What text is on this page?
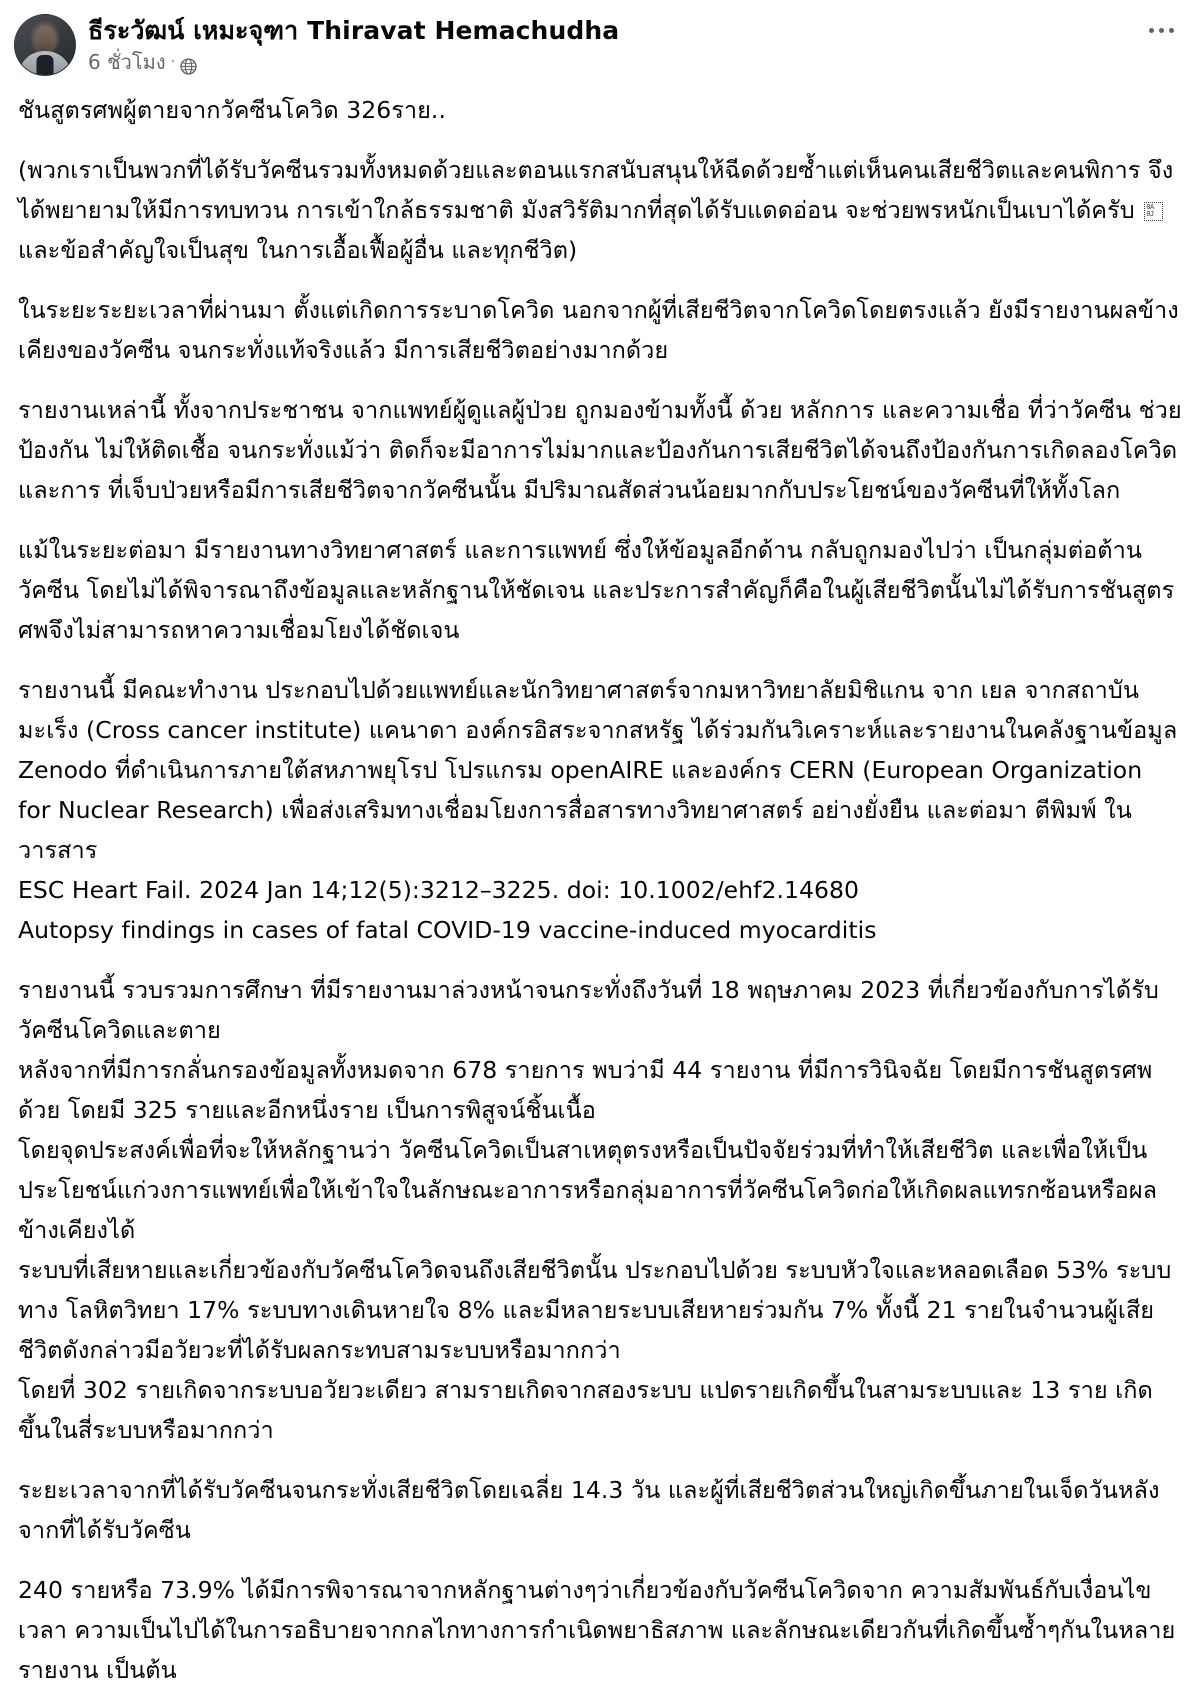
ธีระวัฒน์ เหมะจุฑา Thiravat Hemachudha
6 ชั่วโมง ·

ชันสูตรศพผู้ตายจากวัคซีนโควิด 326ราย..

(พวกเราเป็นพวกที่ได้รับวัคซีนรวมทั้งหมดด้วยและตอนแรกสนับสนุนให้ฉีดด้วยซ้ำแต่เห็นคนเสียชีวิตและคนพิการ จึงได้พยายามให้มีการทบทวน การเข้าใกล้ธรรมชาติ มังสวิรัติมากที่สุดได้รับแดดอ่อน จะช่วยพรหนักเป็นเบาได้ครับ 0A
0J
และข้อสำคัญใจเป็นสุข ในการเอื้อเฟื้อผู้อื่น และทุกชีวิต)

ในระยะระยะเวลาที่ผ่านมา ตั้งแต่เกิดการระบาดโควิด นอกจากผู้ที่เสียชีวิตจากโควิดโดยตรงแล้ว ยังมีรายงานผลข้างเคียงของวัคซีน จนกระทั่งแท้จริงแล้ว มีการเสียชีวิตอย่างมากด้วย

รายงานเหล่านี้ ทั้งจากประชาชน จากแพทย์ผู้ดูแลผู้ป่วย ถูกมองข้ามทั้งนี้ ด้วย หลักการ และความเชื่อ ที่ว่าวัคซีน ช่วยป้องกัน ไม่ให้ติดเชื้อ จนกระทั่งแม้ว่า ติดก็จะมีอาการไม่มากและป้องกันการเสียชีวิตได้จนถึงป้องกันการเกิดลองโควิด และการ ที่เจ็บป่วยหรือมีการเสียชีวิตจากวัคซีนนั้น มีปริมาณสัดส่วนน้อยมากกับประโยชน์ของวัคซีนที่ให้ทั้งโลก

แม้ในระยะต่อมา มีรายงานทางวิทยาศาสตร์ และการแพทย์ ซึ่งให้ข้อมูลอีกด้าน กลับถูกมองไปว่า เป็นกลุ่มต่อต้านวัคซีน โดยไม่ได้พิจารณาถึงข้อมูลและหลักฐานให้ชัดเจน และประการสำคัญก็คือในผู้เสียชีวิตนั้นไม่ได้รับการชันสูตรศพจึงไม่สามารถหาความเชื่อมโยงได้ชัดเจน

รายงานนี้ มีคณะทำงาน ประกอบไปด้วยแพทย์และนักวิทยาศาสตร์จากมหาวิทยาลัยมิชิแกน จาก เยล จากสถาบันมะเร็ง (Cross cancer institute) แคนาดา องค์กรอิสระจากสหรัฐ ได้ร่วมกันวิเคราะห์และรายงานในคลังฐานข้อมูล Zenodo ที่ดำเนินการภายใต้สหภาพยุโรป โปรแกรม openAIRE และองค์กร CERN (European Organization for Nuclear Research) เพื่อส่งเสริมทางเชื่อมโยงการสื่อสารทางวิทยาศาสตร์ อย่างยั่งยืน และต่อมา ตีพิมพ์ ในวารสาร

ESC Heart Fail. 2024 Jan 14;12(5):3212–3225. doi: 10.1002/ehf2.14680

Autopsy findings in cases of fatal COVID-19 vaccine-induced myocarditis

รายงานนี้ รวบรวมการศึกษา ที่มีรายงานมาล่วงหน้าจนกระทั่งถึงวันที่ 18 พฤษภาคม 2023 ที่เกี่ยวข้องกับการได้รับวัคซีนโควิดและตาย

หลังจากที่มีการกลั่นกรองข้อมูลทั้งหมดจาก 678 รายการ พบว่ามี 44 รายงาน ที่มีการวินิจฉัย โดยมีการชันสูตรศพด้วย โดยมี 325 รายและอีกหนึ่งราย เป็นการพิสูจน์ชิ้นเนื้อ

โดยจุดประสงค์เพื่อที่จะให้หลักฐานว่า วัคซีนโควิดเป็นสาเหตุตรงหรือเป็นปัจจัยร่วมที่ทำให้เสียชีวิต และเพื่อให้เป็นประโยชน์แก่วงการแพทย์เพื่อให้เข้าใจในลักษณะอาการหรือกลุ่มอาการที่วัคซีนโควิดก่อให้เกิดผลแทรกซ้อนหรือผลข้างเคียงได้

ระบบที่เสียหายและเกี่ยวข้องกับวัคซีนโควิดจนถึงเสียชีวิตนั้น ประกอบไปด้วย ระบบหัวใจและหลอดเลือด 53% ระบบทาง โลหิตวิทยา 17% ระบบทางเดินหายใจ 8% และมีหลายระบบเสียหายร่วมกัน 7% ทั้งนี้ 21 รายในจำนวนผู้เสียชีวิตดังกล่าวมีอวัยวะที่ได้รับผลกระทบสามระบบหรือมากกว่า

โดยที่ 302 รายเกิดจากระบบอวัยวะเดียว สามรายเกิดจากสองระบบ แปดรายเกิดขึ้นในสามระบบและ 13 ราย เกิดขึ้นในสี่ระบบหรือมากกว่า

ระยะเวลาจากที่ได้รับวัคซีนจนกระทั่งเสียชีวิตโดยเฉลี่ย 14.3 วัน และผู้ที่เสียชีวิตส่วนใหญ่เกิดขึ้นภายในเจ็ดวันหลังจากที่ได้รับวัคซีน

240 รายหรือ 73.9% ได้มีการพิจารณาจากหลักฐานต่างๆว่าเกี่ยวข้องกับวัคซีนโควิดจาก ความสัมพันธ์กับเงื่อนไขเวลา ความเป็นไปได้ในการอธิบายจากกลไกทางการกำเนิดพยาธิสภาพ และลักษณะเดียวกันที่เกิดขึ้นซ้ำๆกันในหลายรายงาน เป็นต้น
